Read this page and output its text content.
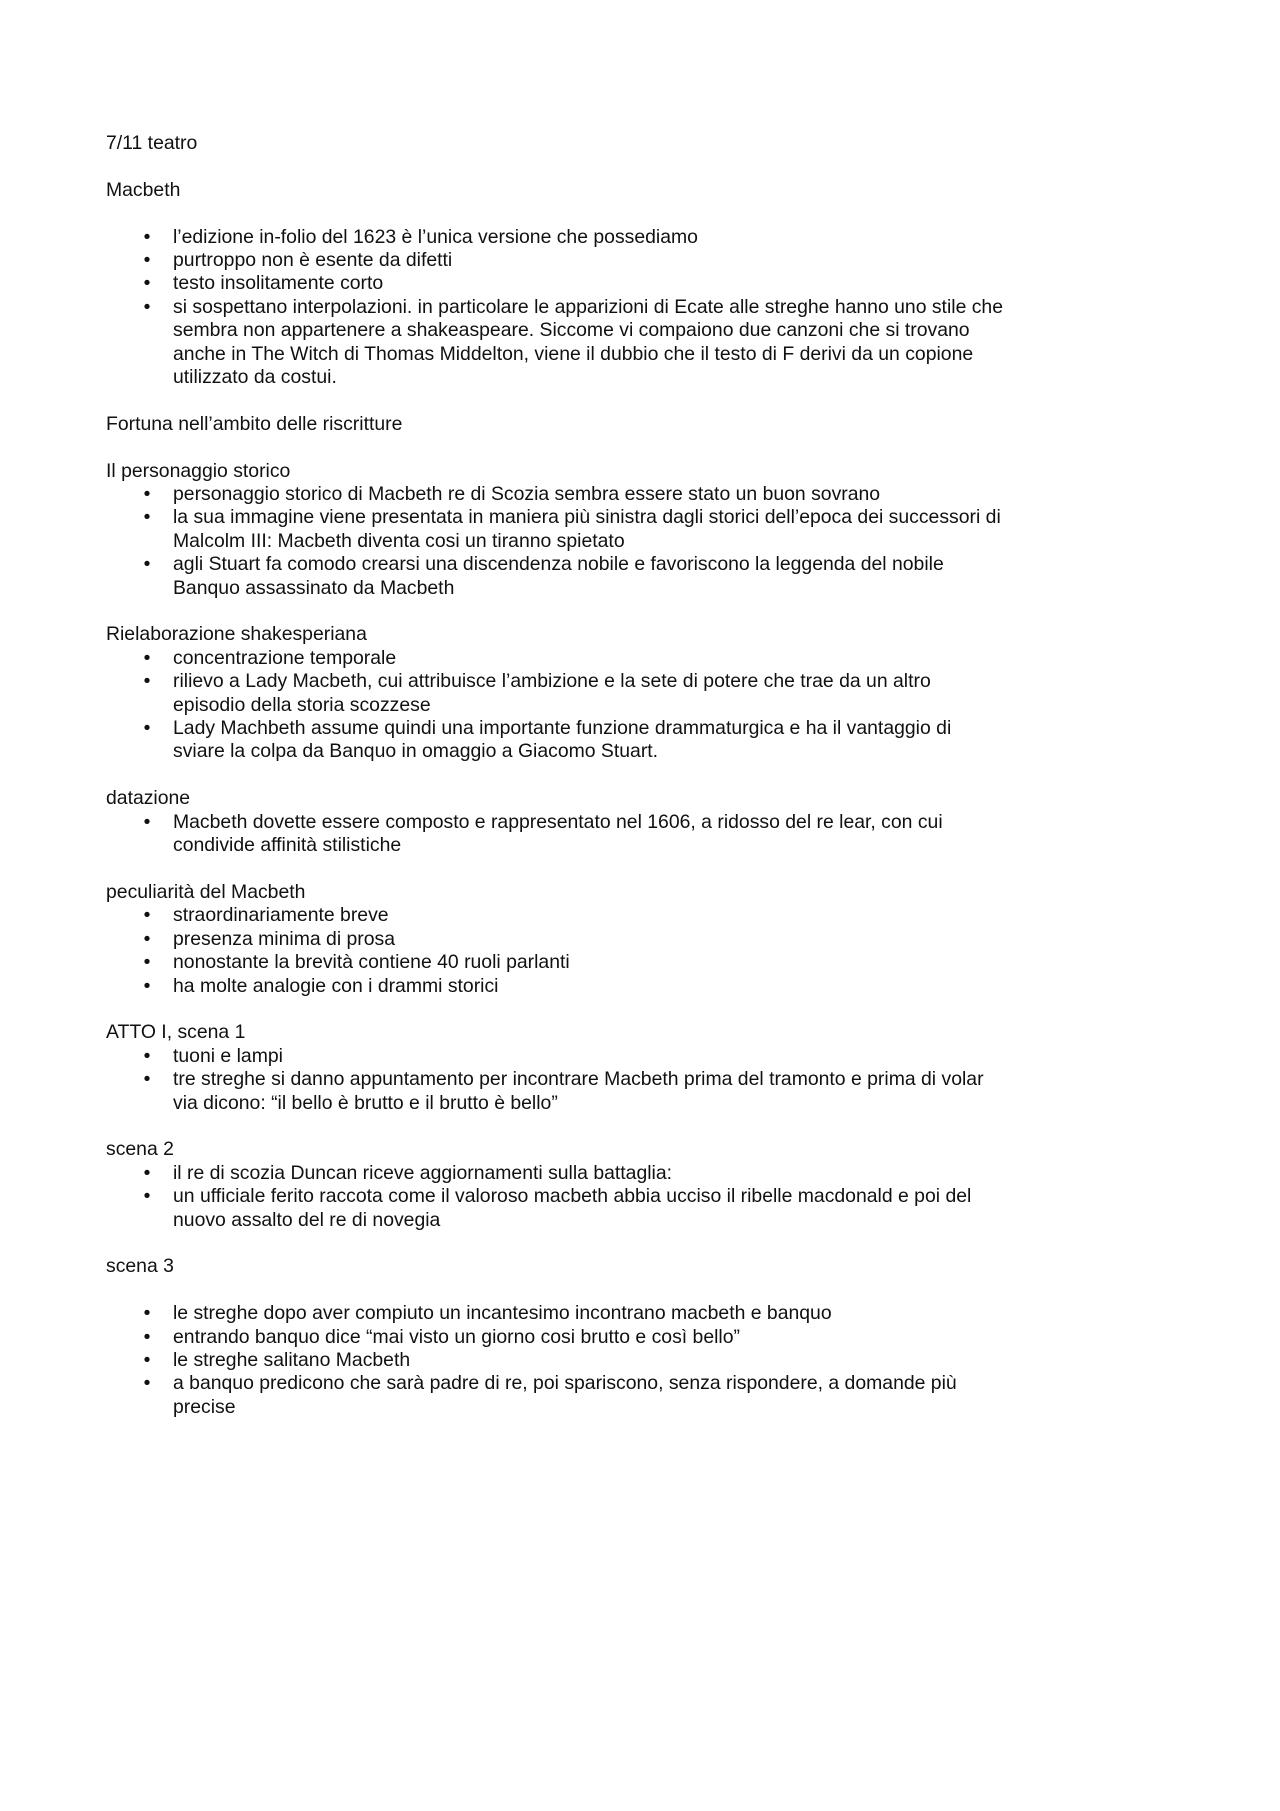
7/11 teatro

Macbeth

• l’edizione in-folio del 1623 è l’unica versione che possediamo
• purtroppo non è esente da difetti
• testo insolitamente corto
• si sospettano interpolazioni. in particolare le apparizioni di Ecate alle streghe hanno uno stile che sembra non appartenere a shakeaspeare. Siccome vi compaiono due canzoni che si trovano anche in The Witch di Thomas Middelton, viene il dubbio che il testo di F derivi da un copione utilizzato da costui.

Fortuna nell’ambito delle riscritture

Il personaggio storico

• personaggio storico di Macbeth re di Scozia sembra essere stato un buon sovrano
• la sua immagine viene presentata in maniera più sinistra dagli storici dell’epoca dei successori di Malcolm III: Macbeth diventa cosi un tiranno spietato
• agli Stuart fa comodo crearsi una discendenza nobile e favoriscono la leggenda del nobile Banquo assassinato da Macbeth

Rielaborazione shakesperiana

• concentrazione temporale
• rilievo a Lady Macbeth, cui attribuisce l’ambizione e la sete di potere che trae da un altro episodio della storia scozzese
• Lady Machbeth assume quindi una importante funzione drammaturgica e ha il vantaggio di sviare la colpa da Banquo in omaggio a Giacomo Stuart.

datazione

• Macbeth dovette essere composto e rappresentato nel 1606, a ridosso del re lear, con cui condivide affinità stilistiche

peculiarità del Macbeth

• straordinariamente breve
• presenza minima di prosa
• nonostante la brevità contiene 40 ruoli parlanti
• ha molte analogie con i drammi storici

ATTO I, scena 1

• tuoni e lampi
• tre streghe si danno appuntamento per incontrare Macbeth prima del tramonto e prima di volar via dicono: “il bello è brutto e il brutto è bello”

scena 2

• il re di scozia Duncan riceve aggiornamenti sulla battaglia:
• un ufficiale ferito raccota come il valoroso macbeth abbia ucciso il ribelle macdonald e poi del nuovo assalto del re di novegia

scena 3

• le streghe dopo aver compiuto un incantesimo incontrano macbeth e banquo
• entrando banquo dice “mai visto un giorno cosi brutto e così bello”
• le streghe salitano Macbeth
• a banquo predicono che sarà padre di re, poi spariscono, senza rispondere, a domande più precise
